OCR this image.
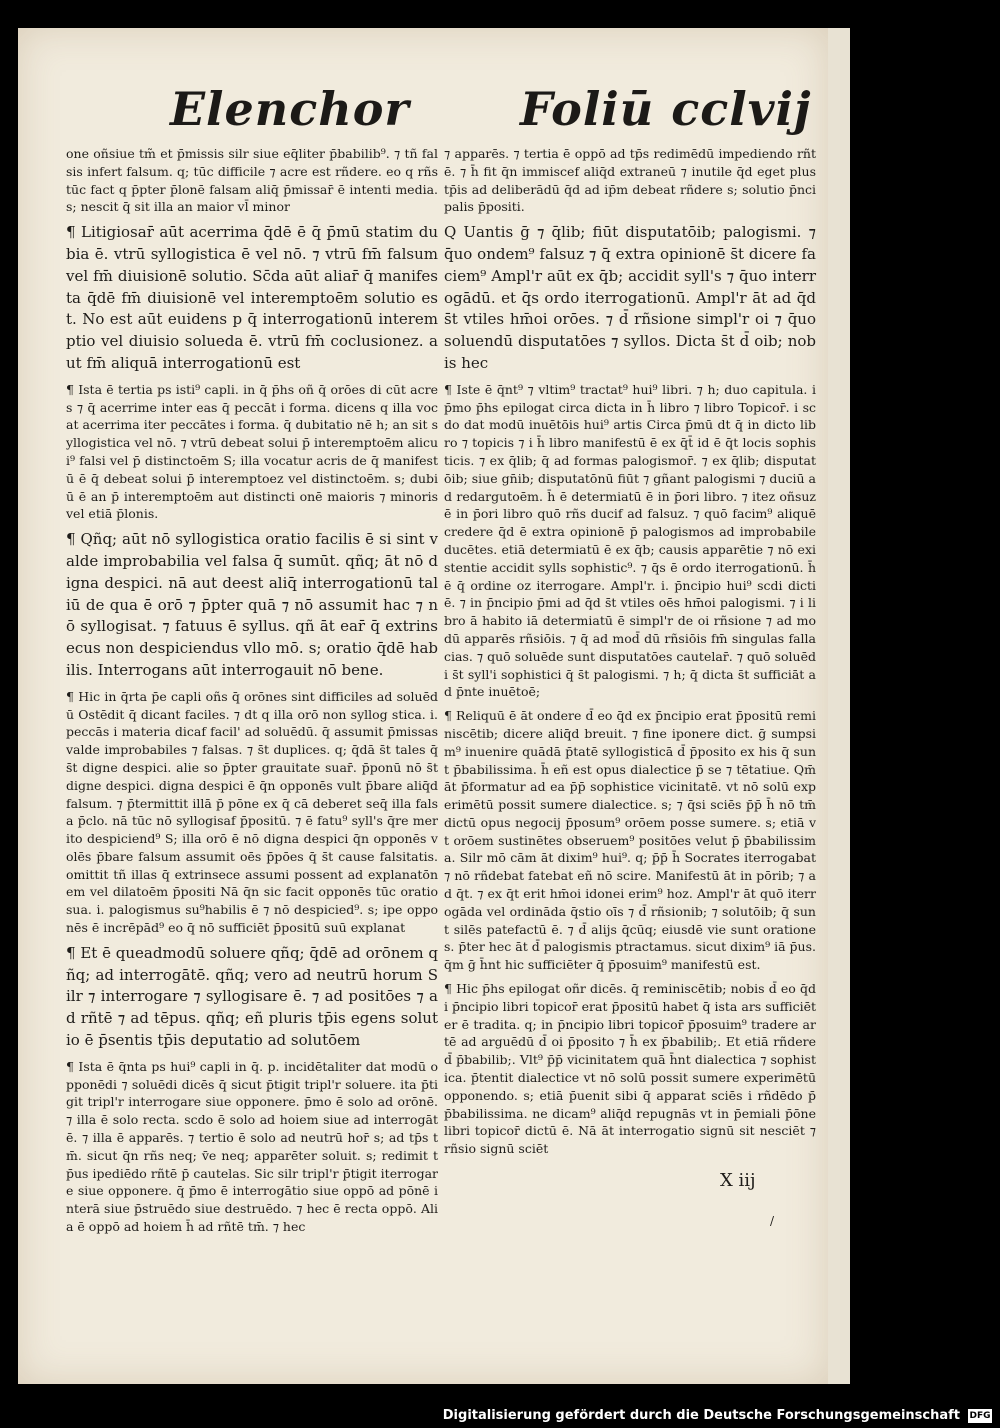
Elenchor Foliū cclvij

one oñsiue tm̃ et p̄missis silr siue eq̄liter p̄babilib⁹. ⁊ tñ falsis infert falsum. q; tūc difficile ⁊ acre est rñdere. eo q rñs tūc fact q p̄pter p̄lonē falsam aliq̄ p̄missar̄ ē intenti media. s; nescit q̄ sit illa an maior vl̄ minor

¶ Litigiosar̄ aūt acerrima q̄dē ē q̄ p̄mū statim dubia ē. vtrū syllogistica ē vel nō. ⁊ vtrū fm̄ falsum vel fm̄ diuisionē solutio. Sc̄da aūt aliar̄ q̄ manifesta q̄dē fm̄ diuisionē vel interemptoēm solutio est. No est aūt euidens p q̄ interrogationū interemptio vel diuisio solueda ē. vtrū fm̄ coclusionez. aut fm̄ aliquā interrogationū est

¶ Ista ē tertia ps isti⁹ capli. in q̄ p̄hs oñ q̄ orōes di cūt acres ⁊ q̄ acerrime inter eas q̄ peccāt i forma. dicens q illa vocat acerrima iter peccātes i forma. q̄ dubitatio nē h; an sit syllogistica vel nō. ⁊ vtrū debeat solui p̄ interemptoēm alicui⁹ falsi vel p̄ distinctoēm S; illa vocatur acris de q̄ manifestū ē q̄ debeat solui p̄ interemptoez vel distinctoēm. s; dubiū ē an p̄ interemptoēm aut distincti onē maioris ⁊ minoris vel etiā p̄lonis.

¶ Qñq; aūt nō syllogistica oratio facilis ē si sint valde improbabilia vel falsa q̄ sumūt. qñq; āt nō digna despici. nā aut deest aliq̄ interrogationū taliū de qua ē orō ⁊ p̄pter quā ⁊ nō assumit hac ⁊ nō syllogisat. ⁊ fatuus ē syllus. qñ āt ear̄ q̄ extrinsecus non despiciendus vllo mō. s; oratio q̄dē habilis. Interrogans aūt interrogauit nō bene.

¶ Hic in q̄rta p̄e capli oñs q̄ orōnes sint difficiles ad soluēdū Ostēdit q̄ dicant faciles. ⁊ dt q illa orō non syllog stica. i. peccās i materia dicaf facil' ad soluēdū. q̄ assumit p̄missas valde improbabiles ⁊ falsas. ⁊ s̄t duplices. q; q̄dā s̄t tales q̄ s̄t digne despici. alie so p̄pter grauitate suar̄. p̄ponū nō s̄t digne despici. digna despici ē q̄n opponēs vult p̄bare aliq̄d falsum. ⁊ p̄termittit illā p̄ pōne ex q̄ cā deberet seq̄ illa falsa p̄clo. nā tūc nō syllogisaf p̄positū. ⁊ ē fatu⁹ syll's q̄re merito despiciend⁹ S; illa orō ē nō digna despici q̄n opponēs volēs p̄bare falsum assumit oēs p̄pōes q̄ s̄t cause falsitatis. omittit tñ illas q̄ extrinsece assumi possent ad explanatōnem vel dilatoēm p̄positi Nā q̄n sic facit opponēs tūc oratio sua. i. palogismus su⁹habilis ē ⁊ nō despicied⁹. s; ipe opponēs ē incrēpād⁹ eo q̄ nō sufficiēt p̄positū suū explanat

¶ Et ē queadmodū soluere qñq; q̄dē ad orōnem qñq; ad interrogātē. qñq; vero ad neutrū horum Silr ⁊ interrogare ⁊ syllogisare ē. ⁊ ad positōes ⁊ ad rñtē ⁊ ad tēpus. qñq; eñ pluris tp̄is egens solutio ē p̄sentis tp̄is deputatio ad solutōem

¶ Ista ē q̄nta ps hui⁹ capli in q̄. p. incidētaliter dat modū opponēdi ⁊ soluēdi dicēs q̄ sicut p̄tigit tripl'r soluere. ita p̄tigit tripl'r interrogare siue opponere. p̄mo ē solo ad orōnē. ⁊ illa ē solo recta. scdo ē solo ad hoiem siue ad interrogātē. ⁊ illa ē apparēs. ⁊ tertio ē solo ad neutrū hor̄ s; ad tp̄s tm̄. sicut q̄n rñs neq; v̄e neq; apparēter soluit. s; redimit tp̄us ipediēdo rñtē p̄ cautelas. Sic silr tripl'r p̄tigit iterrogare siue opponere. q̄ p̄mo ē interrogātio siue oppō ad pōnē interā siue p̄struēdo siue destruēdo. ⁊ hec ē recta oppō. Alia ē oppō ad hoiem h̄ ad rñtē tm̄. ⁊ hec

⁊ apparēs. ⁊ tertia ē oppō ad tp̄s redimēdū impediendo rñtē. ⁊ h̄ fit q̄n immiscef aliq̄d extraneū ⁊ inutile q̄d eget plus tp̄is ad deliberādū q̄d ad ip̄m debeat rñdere s; solutio p̄ncipalis p̄positi.

Q Uantis ḡ ⁊ q̄lib; fiūt disputatōib; palogismi. ⁊ q̄uo ondem⁹ falsuz ⁊ q̄ extra opinionē s̄t dicere faciem⁹ Ampl'r aūt ex q̄b; accidit syll's ⁊ q̄uo interrogādū. et q̄s ordo iterrogationū. Ampl'r āt ad q̄d s̄t vtiles hm̄oi orōes. ⁊ d̄ rñsione simpl'r oi ⁊ q̄uo soluendū disputatōes ⁊ syllos. Dicta s̄t d̄ oib; nobis hec

¶ Iste ē q̄nt⁹ ⁊ vltim⁹ tractat⁹ hui⁹ libri. ⁊ h; duo capitula. i p̄mo p̄hs epilogat circa dicta in h̄ libro ⁊ libro Topicor̄. i scdo dat modū inuētōis hui⁹ artis Circa p̄mū dt q̄ in dicto libro ⁊ topicis ⁊ i h̄ libro manifestū ē ex q̄t̄ id ē q̄t locis sophisticis. ⁊ ex q̄lib; q̄ ad formas palogismor̄. ⁊ ex q̄lib; disputatōib; siue gn̄ib; disputatōnū fiūt ⁊ gñant palogismi ⁊ duciū ad redargutoēm. h̄ ē determiatū ē in p̄ori libro. ⁊ itez oñsuz ē in p̄ori libro quō rñs ducif ad falsuz. ⁊ quō facim⁹ aliquē credere q̄d ē extra opinionē p̄ palogismos ad improbabile ducētes. etiā determiatū ē ex q̄b; causis apparētie ⁊ nō existentie accidit sylls sophistic⁹. ⁊ q̄s ē ordo iterrogationū. h̄ ē q̄ ordine oz iterrogare. Ampl'r. i. p̄ncipio hui⁹ scdi dicti ē. ⁊ in p̄ncipio p̄mi ad q̄d s̄t vtiles oēs hm̄oi palogismi. ⁊ i libro ā habito iā determiatū ē simpl'r de oi rñsione ⁊ ad modū apparēs rñsiōis. ⁊ q̄ ad mod̄ dū rñsiōis fm̄ singulas fallacias. ⁊ quō soluēde sunt disputatōes cautelar̄. ⁊ quō soluēdi s̄t syll'i sophistici q̄ s̄t palogismi. ⁊ h; q̄ dicta s̄t sufficiāt ad p̄nte inuētoē;

¶ Reliquū ē āt ondere d̄ eo q̄d ex p̄ncipio erat p̄positū reminiscētib; dicere aliq̄d breuit. ⁊ fine iponere dict. ḡ sumpsim⁹ inuenire quādā p̄tatē syllogisticā d̄ p̄posito ex his q̄ sunt p̄babilissima. h̄ eñ est opus dialectice p̄ se ⁊ tētatiue. Qm̄ āt p̄formatur ad ea p̄p̄ sophistice vicinitatē. vt nō solū experimētū possit sumere dialectice. s; ⁊ q̄si sciēs p̄p̄ h̄ nō tm̄ dictū opus negocij p̄posum⁹ orōem posse sumere. s; etiā vt orōem sustinētes obseruem⁹ positōes velut p̄ p̄babilissima. Silr mō cām āt dixim⁹ hui⁹. q; p̄p̄ h̄ Socrates iterrogabat ⁊ nō rñdebat fatebat eñ nō scire. Manifestū āt in pōrib; ⁊ ad q̄t. ⁊ ex q̄t erit hm̄oi idonei erim⁹ hoz. Ampl'r āt quō iterrogāda vel ordināda q̄stio oīs ⁊ d̄ rñsionib; ⁊ solutōib; q̄ sunt silēs patefactū ē. ⁊ d̄ alijs q̄cūq; eiusdē vie sunt orationes. p̄ter hec āt d̄ palogismis ptractamus. sicut dixim⁹ iā p̄us. q̄m ḡ h̄nt hic sufficiēter q̄ p̄posuim⁹ manifestū est.

¶ Hic p̄hs epilogat oñr dicēs. q̄ reminiscētib; nobis d̄ eo q̄d i p̄ncipio libri topicor̄ erat p̄positū habet q̄ ista ars sufficiēter ē tradita. q; in p̄ncipio libri topicor̄ p̄posuim⁹ tradere artē ad arguēdū d̄ oi p̄posito ⁊ h̄ ex p̄babilib;. Et etiā rñdere d̄ p̄babilib;. Vlt⁹ p̄p̄ vicinitatem quā h̄nt dialectica ⁊ sophistica. p̄tentit dialectice vt nō solū possit sumere experimētū opponendo. s; etiā p̄uenit sibi q̄ apparat sciēs i rñdēdo p̄ p̄babilissima. ne dicam⁹ aliq̄d repugnās vt in p̄emiali p̄ōne libri topicor̄ dictū ē. Nā āt interrogatio signū sit nesciēt ⁊ rñsio signū sciēt

X iij
/
Digitalisierung gefördert durch die Deutsche Forschungsgemeinschaft DFG
